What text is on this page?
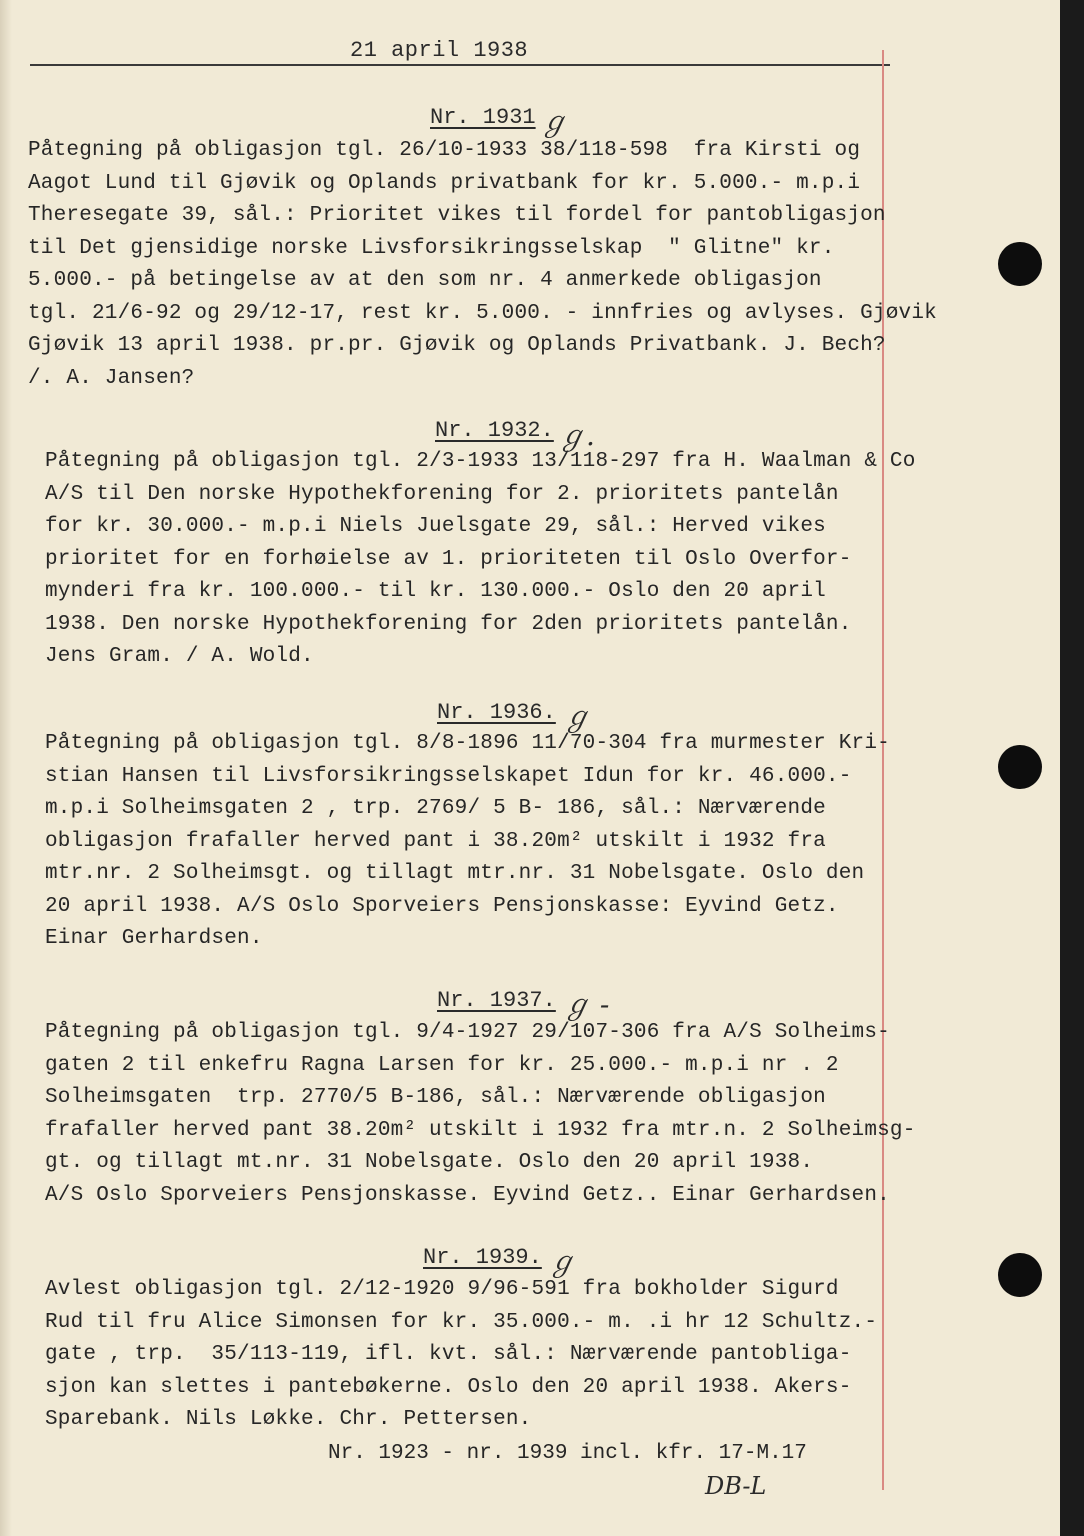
21 april 1938
Nr. 1931 ℊ
Påtegning på obligasjon tgl. 26/10-1933 38/118-598  fra Kirsti og
Aagot Lund til Gjøvik og Oplands privatbank for kr. 5.000.- m.p.i
Theresegate 39, sål.: Prioritet vikes til fordel for pantobligasjon
til Det gjensidige norske Livsforsikringsselskap  " Glitne" kr.
5.000.- på betingelse av at den som nr. 4 anmerkede obligasjon
tgl. 21/6-92 og 29/12-17, rest kr. 5.000. - innfries og avlyses. Gjøvik
Gjøvik 13 april 1938. pr.pr. Gjøvik og Oplands Privatbank. J. Bech?
/. A. Jansen?
Nr. 1932. ℊ.
Påtegning på obligasjon tgl. 2/3-1933 13/118-297 fra H. Waalman & Co
A/S til Den norske Hypothekforening for 2. prioritets pantelån
for kr. 30.000.- m.p.i Niels Juelsgate 29, sål.: Herved vikes
prioritet for en forhøielse av 1. prioriteten til Oslo Overfor-
mynderi fra kr. 100.000.- til kr. 130.000.- Oslo den 20 april
1938. Den norske Hypothekforening for 2den prioritets pantelån.
Jens Gram. / A. Wold.
Nr. 1936. ℊ
Påtegning på obligasjon tgl. 8/8-1896 11/70-304 fra murmester Kri-
stian Hansen til Livsforsikringsselskapet Idun for kr. 46.000.-
m.p.i Solheimsgaten 2 , trp. 2769/ 5 B- 186, sål.: Nærværende
obligasjon frafaller herved pant i 38.20m² utskilt i 1932 fra
mtr.nr. 2 Solheimsgt. og tillagt mtr.nr. 31 Nobelsgate. Oslo den
20 april 1938. A/S Oslo Sporveiers Pensjonskasse: Eyvind Getz.
Einar Gerhardsen.
Nr. 1937. ℊ -
Påtegning på obligasjon tgl. 9/4-1927 29/107-306 fra A/S Solheims-
gaten 2 til enkefru Ragna Larsen for kr. 25.000.- m.p.i nr . 2
Solheimsgaten  trp. 2770/5 B-186, sål.: Nærværende obligasjon
frafaller herved pant 38.20m² utskilt i 1932 fra mtr.n. 2 Solheimsg-
gt. og tillagt mt.nr. 31 Nobelsgate. Oslo den 20 april 1938.
A/S Oslo Sporveiers Pensjonskasse. Eyvind Getz.. Einar Gerhardsen.
Nr. 1939. ℊ
Avlest obligasjon tgl. 2/12-1920 9/96-591 fra bokholder Sigurd
Rud til fru Alice Simonsen for kr. 35.000.- m. .i hr 12 Schultz.-
gate , trp.  35/113-119, ifl. kvt. sål.: Nærværende pantobliga-
sjon kan slettes i pantebøkerne. Oslo den 20 april 1938. Akers-
Sparebank. Nils Løkke. Chr. Pettersen.
Nr. 1923 - nr. 1939 incl. kfr. 17-M.17
DB-L
